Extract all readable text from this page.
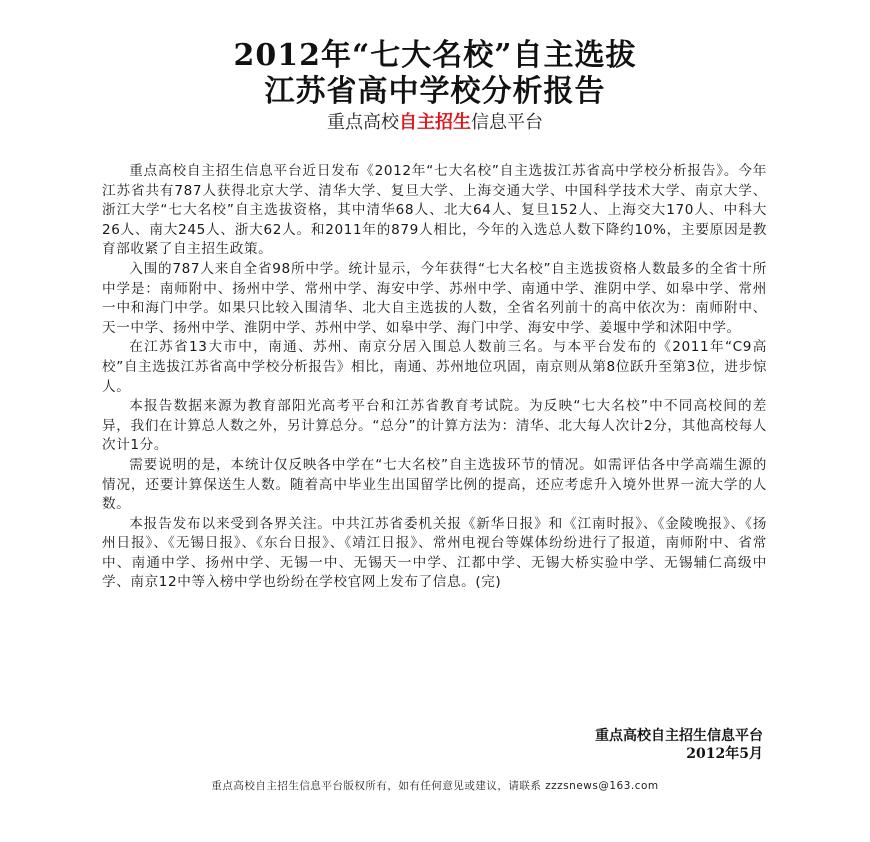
2012年“七大名校”自主选拔
江苏省高中学校分析报告
重点高校自主招生信息平台

重点高校自主招生信息平台近日发布《2012年“七大名校”自主选拔江苏省高中学校分析报告》。今年江苏省共有787人获得北京大学、清华大学、复旦大学、上海交通大学、中国科学技术大学、南京大学、浙江大学“七大名校”自主选拔资格，其中清华68人、北大64人、复旦152人、上海交大170人、中科大26人、南大245人、浙大62人。和2011年的879人相比，今年的入选总人数下降约10%，主要原因是教育部收紧了自主招生政策。

入围的787人来自全省98所中学。统计显示，今年获得“七大名校”自主选拔资格人数最多的全省十所中学是：南师附中、扬州中学、常州中学、海安中学、苏州中学、南通中学、淮阴中学、如皋中学、常州一中和海门中学。如果只比较入围清华、北大自主选拔的人数，全省名列前十的高中依次为：南师附中、天一中学、扬州中学、淮阴中学、苏州中学、如皋中学、海门中学、海安中学、姜堰中学和沭阳中学。

在江苏省13大市中，南通、苏州、南京分居入围总人数前三名。与本平台发布的《2011年“C9高校”自主选拔江苏省高中学校分析报告》相比，南通、苏州地位巩固，南京则从第8位跃升至第3位，进步惊人。

本报告数据来源为教育部阳光高考平台和江苏省教育考试院。为反映“七大名校”中不同高校间的差异，我们在计算总人数之外，另计算总分。“总分”的计算方法为：清华、北大每人次计2分，其他高校每人次计1分。

需要说明的是，本统计仅反映各中学在“七大名校”自主选拔环节的情况。如需评估各中学高端生源的情况，还要计算保送生人数。随着高中毕业生出国留学比例的提高，还应考虑升入境外世界一流大学的人数。

本报告发布以来受到各界关注。中共江苏省委机关报《新华日报》和《江南时报》、《金陵晚报》、《扬州日报》、《无锡日报》、《东台日报》、《靖江日报》、常州电视台等媒体纷纷进行了报道，南师附中、省常中、南通中学、扬州中学、无锡一中、无锡天一中学、江都中学、无锡大桥实验中学、无锡辅仁高级中学、南京12中等入榜中学也纷纷在学校官网上发布了信息。(完)

重点高校自主招生信息平台
2012年5月
重点高校自主招生信息平台版权所有，如有任何意见或建议，请联系 zzzsnews@163.com
